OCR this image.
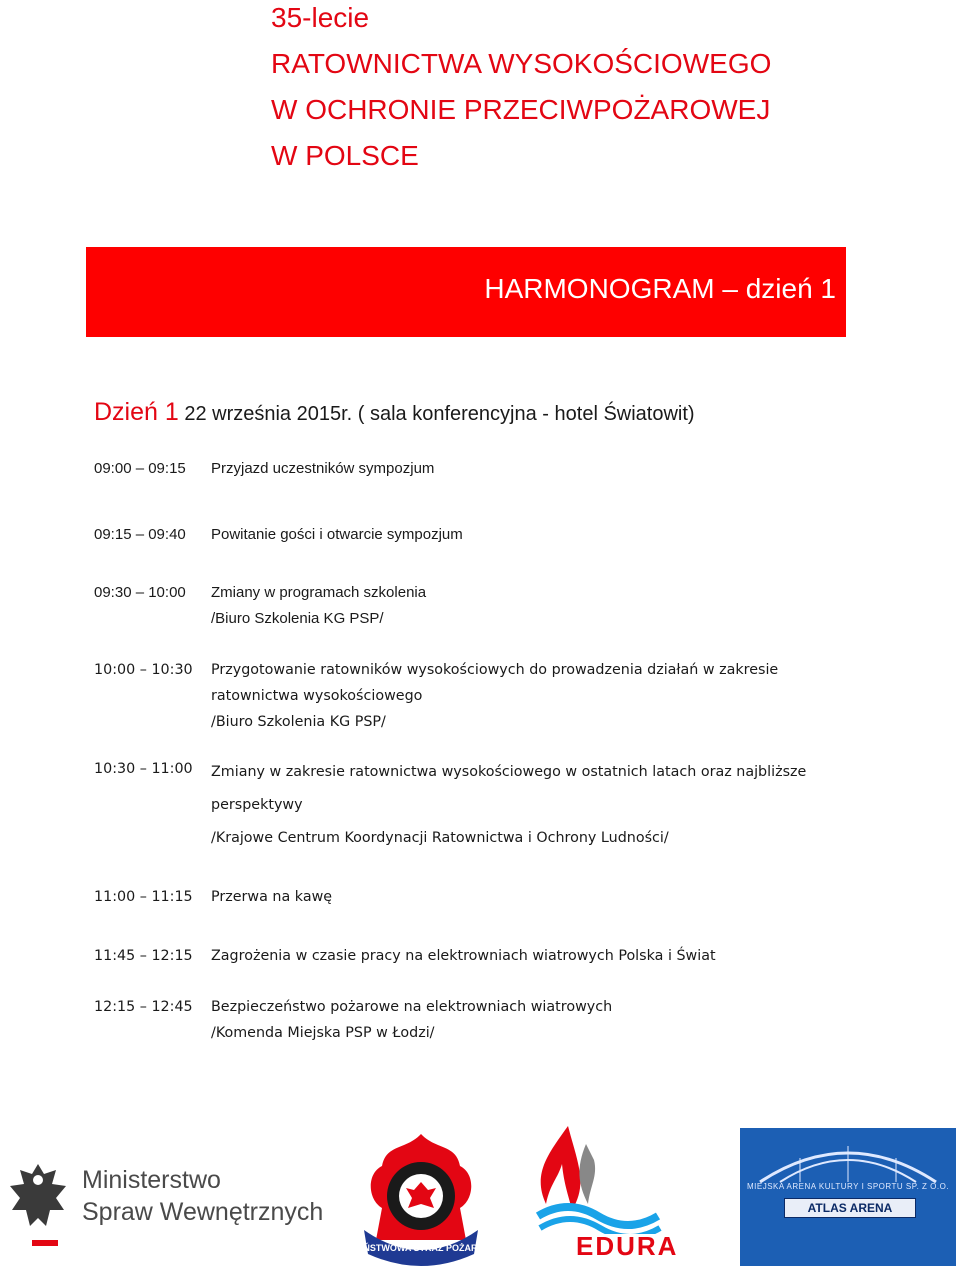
35-lecie
RATOWNICTWA WYSOKOŚCIOWEGO
W OCHRONIE PRZECIWPOŻAROWEJ
W POLSCE
HARMONOGRAM – dzień 1
Dzień 1 22 września 2015r. ( sala konferencyjna - hotel Światowit)
09:00 – 09:15	Przyjazd uczestników sympozjum
09:15 – 09:40	Powitanie gości i otwarcie sympozjum
09:30 – 10:00	Zmiany w programach szkolenia
/Biuro Szkolenia KG PSP/
10:00 – 10:30	Przygotowanie ratowników wysokościowych do prowadzenia działań w zakresie
ratownictwa wysokościowego
/Biuro Szkolenia KG PSP/
10:30 – 11:00	Zmiany w zakresie ratownictwa wysokościowego w ostatnich latach oraz najbliższe
perspektywy
/Krajowe Centrum Koordynacji Ratownictwa i Ochrony Ludności/
11:00 – 11:15	Przerwa na kawę
11:45 – 12:15	Zagrożenia w czasie pracy na elektrowniach wiatrowych Polska i Świat
12:15 – 12:45	Bezpieczeństwo pożarowe na elektrowniach wiatrowych
/Komenda Miejska PSP w Łodzi/
Ministerstwo
Spraw Wewnętrznych
PAŃSTWOWA STRAŻ POŻARNA	EDURA
MIEJSKA ARENA KULTURY I SPORTU SP. Z O.O.
ATLAS ARENA
